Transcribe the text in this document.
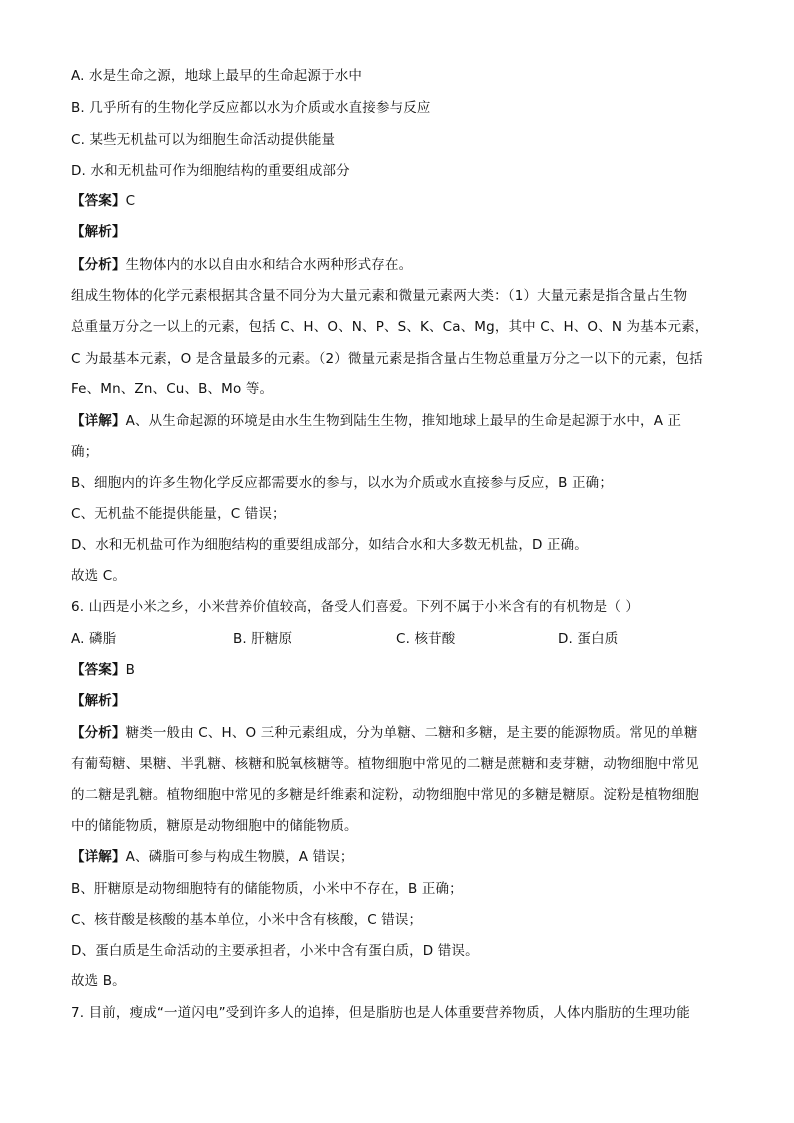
A. 水是生命之源，地球上最早的生命起源于水中
B. 几乎所有的生物化学反应都以水为介质或水直接参与反应
C. 某些无机盐可以为细胞生命活动提供能量
D. 水和无机盐可作为细胞结构的重要组成部分
【答案】C
【解析】
【分析】生物体内的水以自由水和结合水两种形式存在。
组成生物体的化学元素根据其含量不同分为大量元素和微量元素两大类：（1）大量元素是指含量占生物
总重量万分之一以上的元素，包括 C、H、O、N、P、S、K、Ca、Mg，其中 C、H、O、N 为基本元素，
C 为最基本元素，O 是含量最多的元素。（2）微量元素是指含量占生物总重量万分之一以下的元素，包括
Fe、Mn、Zn、Cu、B、Mo 等。
【详解】A、从生命起源的环境是由水生生物到陆生生物，推知地球上最早的生命是起源于水中，A 正
确；
B、细胞内的许多生物化学反应都需要水的参与，以水为介质或水直接参与反应，B 正确；
C、无机盐不能提供能量，C 错误；
D、水和无机盐可作为细胞结构的重要组成部分，如结合水和大多数无机盐，D 正确。
故选 C。
6. 山西是小米之乡，小米营养价值较高，备受人们喜爱。下列不属于小米含有的有机物是（ ）
A. 磷脂	B. 肝糖原	C. 核苷酸	D. 蛋白质
【答案】B
【解析】
【分析】糖类一般由 C、H、O 三种元素组成，分为单糖、二糖和多糖，是主要的能源物质。常见的单糖
有葡萄糖、果糖、半乳糖、核糖和脱氧核糖等。植物细胞中常见的二糖是蔗糖和麦芽糖，动物细胞中常见
的二糖是乳糖。植物细胞中常见的多糖是纤维素和淀粉，动物细胞中常见的多糖是糖原。淀粉是植物细胞
中的储能物质，糖原是动物细胞中的储能物质。
【详解】A、磷脂可参与构成生物膜，A 错误；
B、肝糖原是动物细胞特有的储能物质，小米中不存在，B 正确；
C、核苷酸是核酸的基本单位，小米中含有核酸，C 错误；
D、蛋白质是生命活动的主要承担者，小米中含有蛋白质，D 错误。
故选 B。
7. 目前，瘦成“一道闪电”受到许多人的追捧，但是脂肪也是人体重要营养物质，人体内脂肪的生理功能
